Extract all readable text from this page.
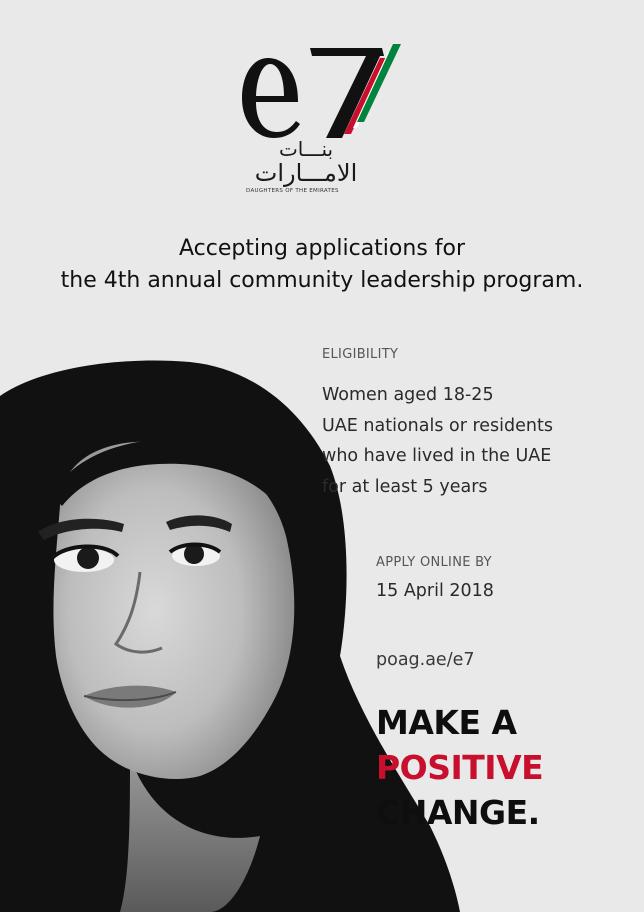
بنـــات
الامـــارات
DAUGHTERS OF THE EMIRATES
Accepting applications for
the 4th annual community leadership program.
ELIGIBILITY
Women aged 18-25
UAE nationals or residents
who have lived in the UAE
for at least 5 years
APPLY ONLINE BY
15 April 2018
poag.ae/e7
MAKE A
POSITIVE
CHANGE.
